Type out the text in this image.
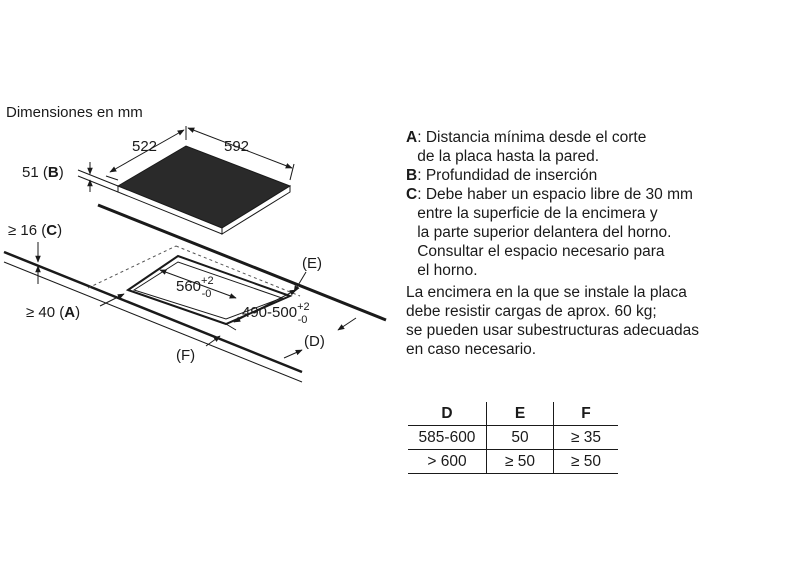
Dimensiones en mm
522	592
51 (B)
$560^{+2}$ -0
$490-500^{+2}$ -0
≥ 16 (C)
≥ 40 (A)
(E)
(D)
(F)
A : Distancia mínima desde el corte
de la placa hasta la pared.
B : Profundidad de inserción
C : Debe haber un espacio libre de 30 mm
entre la superficie de la encimera y
la parte superior delantera del horno.
Consultar el espacio necesario para
el horno.
La encimera en la que se instale la placa
debe resistir cargas de aprox. 60 kg;
se pueden usar subestructuras adecuadas
en caso necesario.
D	E	F
585-600	50	≥ 35
> 600	≥ 50	≥ 50
